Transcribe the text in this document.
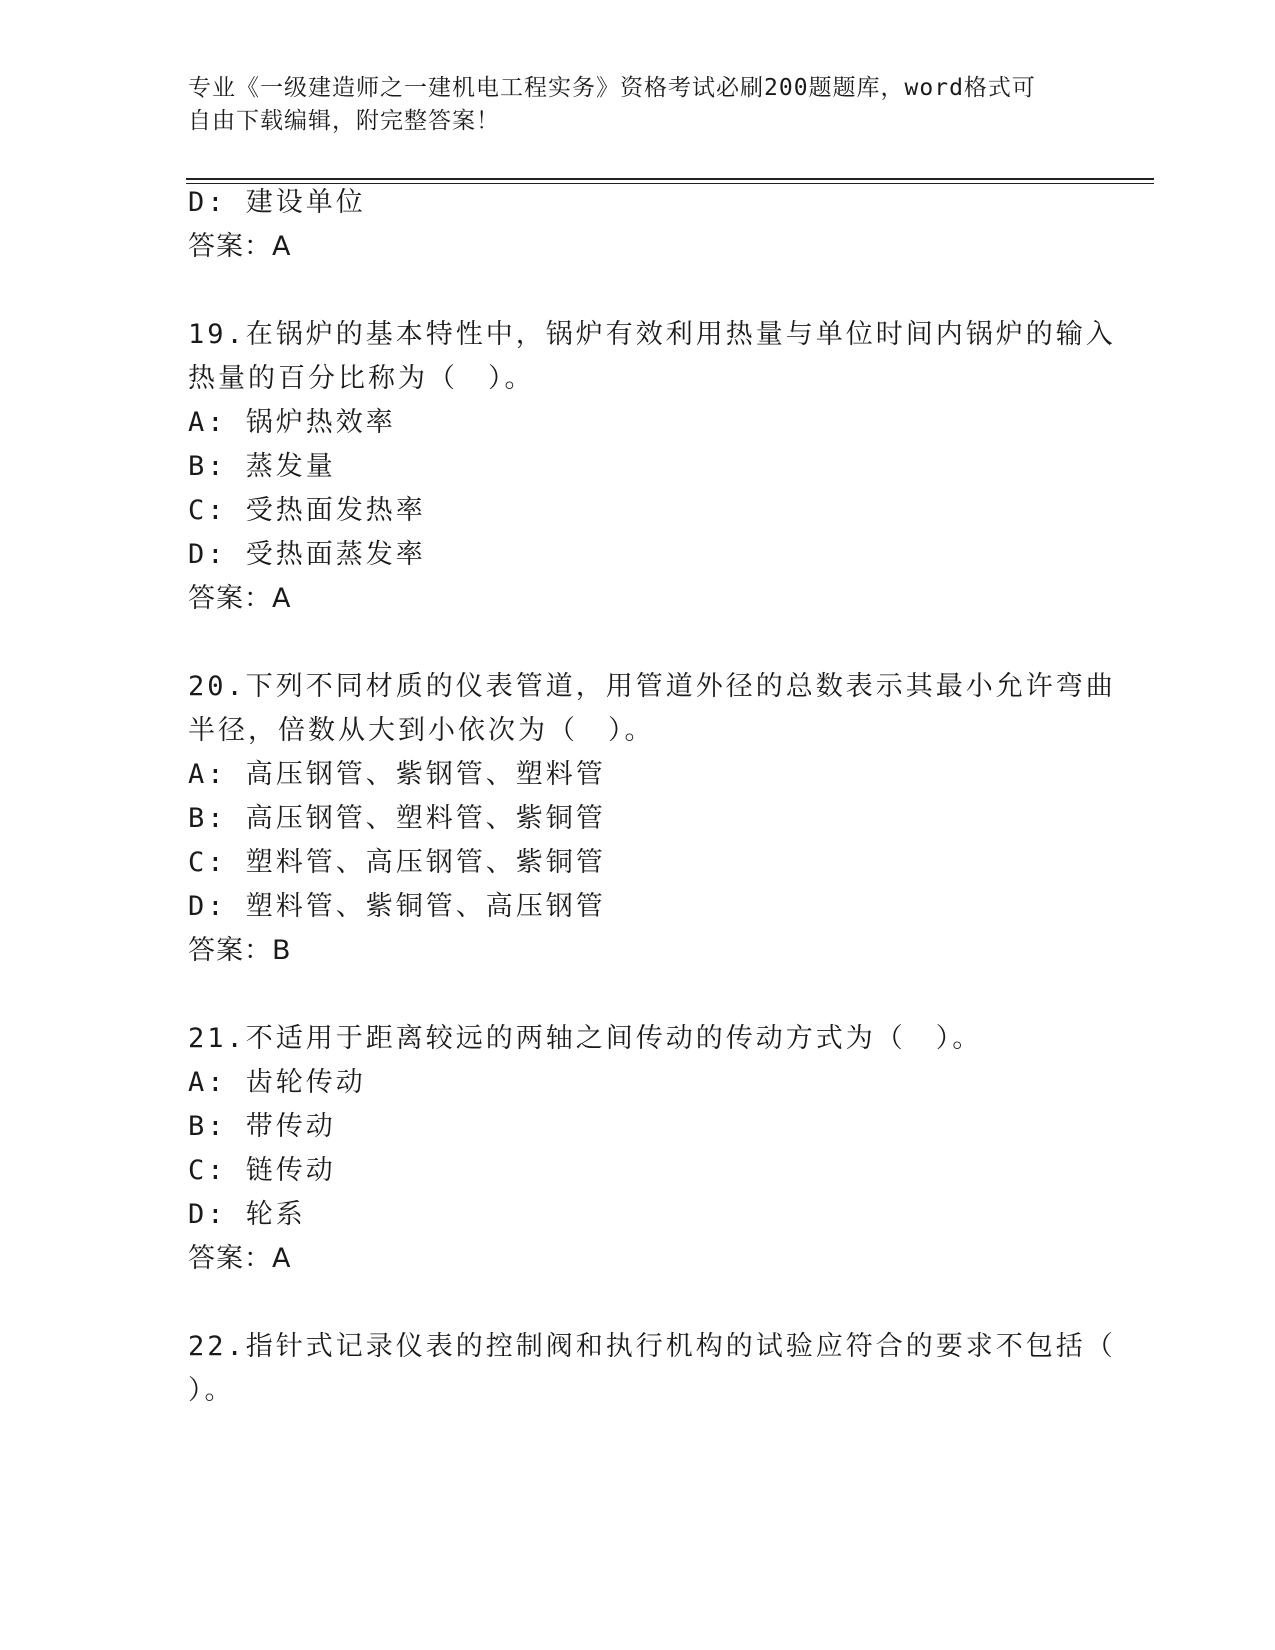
专业《一级建造师之一建机电工程实务》资格考试必刷200题题库，word格式可
自由下载编辑，附完整答案！
D: 建设单位
答案：A
19.在锅炉的基本特性中，锅炉有效利用热量与单位时间内锅炉的输入
热量的百分比称为（　）。
A: 锅炉热效率
B: 蒸发量
C: 受热面发热率
D: 受热面蒸发率
答案：A
20.下列不同材质的仪表管道，用管道外径的总数表示其最小允许弯曲
半径，倍数从大到小依次为（　）。
A: 高压钢管、紫钢管、塑料管
B: 高压钢管、塑料管、紫铜管
C: 塑料管、高压钢管、紫铜管
D: 塑料管、紫铜管、高压钢管
答案：B
21.不适用于距离较远的两轴之间传动的传动方式为（　）。
A: 齿轮传动
B: 带传动
C: 链传动
D: 轮系
答案：A
22.指针式记录仪表的控制阀和执行机构的试验应符合的要求不包括（
）。
